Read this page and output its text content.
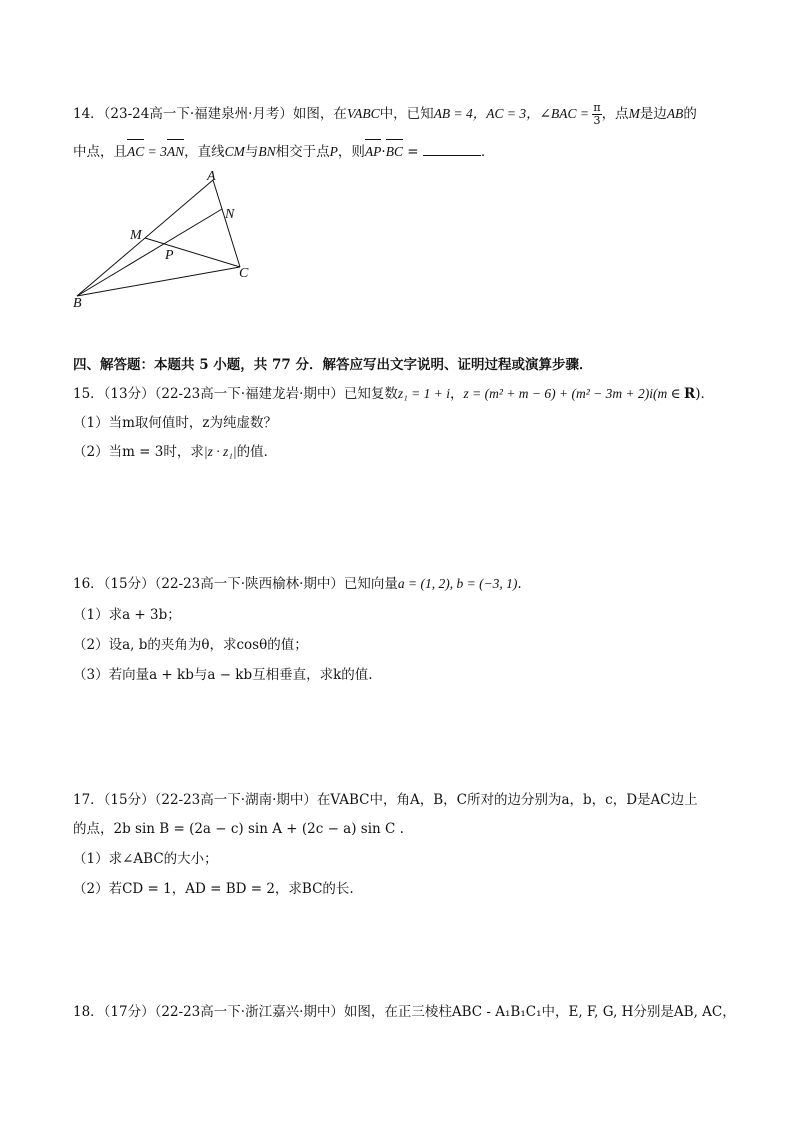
14．（23-24高一下·福建泉州·月考）如图，在VABC中，已知AB = 4，AC = 3，∠BAC = $\frac{\pi}{3}$ ，点M是边AB的
中点，且AC = 3AN，直线CM与BN相交于点P，则AP·BC =	．
A
N
M
P
C
B
四、解答题：本题共 5 小题，共 77 分．解答应写出文字说明、证明过程或演算步骤．
15．（13分）（22-23高一下·福建龙岩·期中）已知复数z₁ = 1 + i，z = (m² + m − 6) + (m² − 3m + 2)i(m ∈ R)．
（1）当m取何值时，z为纯虚数？
（2）当m = 3时，求|z · z₁|的值．
16．（15分）（22-23高一下·陕西榆林·期中）已知向量a = (1, 2), b = (−3, 1).
（1）求a + 3b；
（2）设a, b的夹角为θ，求cosθ的值；
（3）若向量a + kb与a − kb互相垂直，求k的值.
17．（15分）（22-23高一下·湖南·期中）在VABC中，角A，B，C所对的边分别为a，b，c，D是AC边上
的点，2b sin B = (2a − c) sin A + (2c − a) sin C .
（1）求∠ABC的大小；
（2）若CD = 1，AD = BD = 2，求BC的长.
18．（17分）（22-23高一下·浙江嘉兴·期中）如图，在正三棱柱ABC - A₁B₁C₁中，E, F, G, H分别是AB, AC，
